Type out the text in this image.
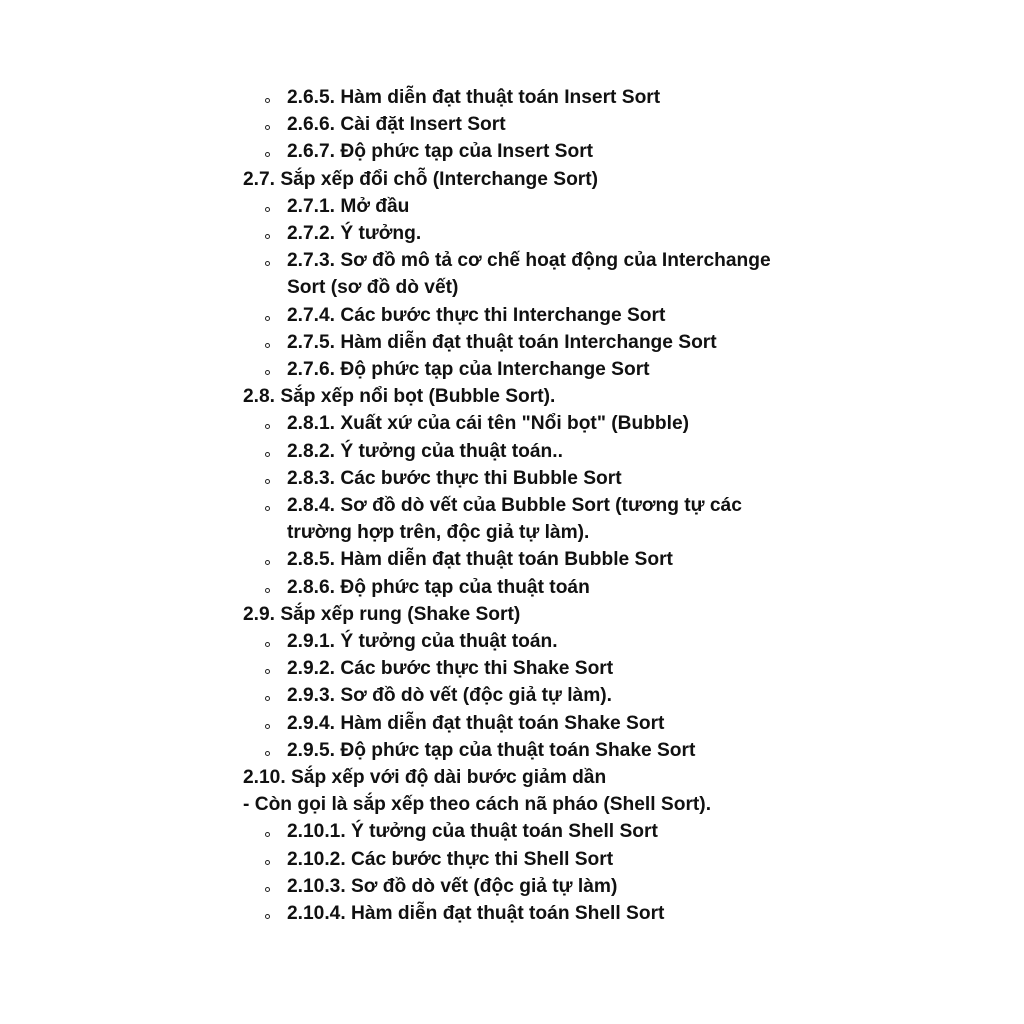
2.6.5. Hàm diễn đạt thuật toán Insert Sort
2.6.6. Cài đặt Insert Sort
2.6.7. Độ phức tạp của Insert Sort
2.7. Sắp xếp đổi chỗ (Interchange Sort)
2.7.1. Mở đầu
2.7.2. Ý tưởng.
2.7.3. Sơ đồ mô tả cơ chế hoạt động của Interchange Sort (sơ đồ dò vết)
2.7.4. Các bước thực thi Interchange Sort
2.7.5. Hàm diễn đạt thuật toán Interchange Sort
2.7.6. Độ phức tạp của Interchange Sort
2.8. Sắp xếp nổi bọt (Bubble Sort).
2.8.1. Xuất xứ của cái tên "Nổi bọt" (Bubble)
2.8.2. Ý tưởng của thuật toán..
2.8.3. Các bước thực thi Bubble Sort
2.8.4. Sơ đồ dò vết của Bubble Sort (tương tự các trường hợp trên, độc giả tự làm).
2.8.5. Hàm diễn đạt thuật toán Bubble Sort
2.8.6. Độ phức tạp của thuật toán
2.9. Sắp xếp rung (Shake Sort)
2.9.1. Ý tưởng của thuật toán.
2.9.2. Các bước thực thi Shake Sort
2.9.3. Sơ đồ dò vết (độc giả tự làm).
2.9.4. Hàm diễn đạt thuật toán Shake Sort
2.9.5. Độ phức tạp của thuật toán Shake Sort
2.10. Sắp xếp với độ dài bước giảm dần
- Còn gọi là sắp xếp theo cách nã pháo (Shell Sort).
2.10.1. Ý tưởng của thuật toán Shell Sort
2.10.2. Các bước thực thi Shell Sort
2.10.3. Sơ đồ dò vết (độc giả tự làm)
2.10.4. Hàm diễn đạt thuật toán Shell Sort
